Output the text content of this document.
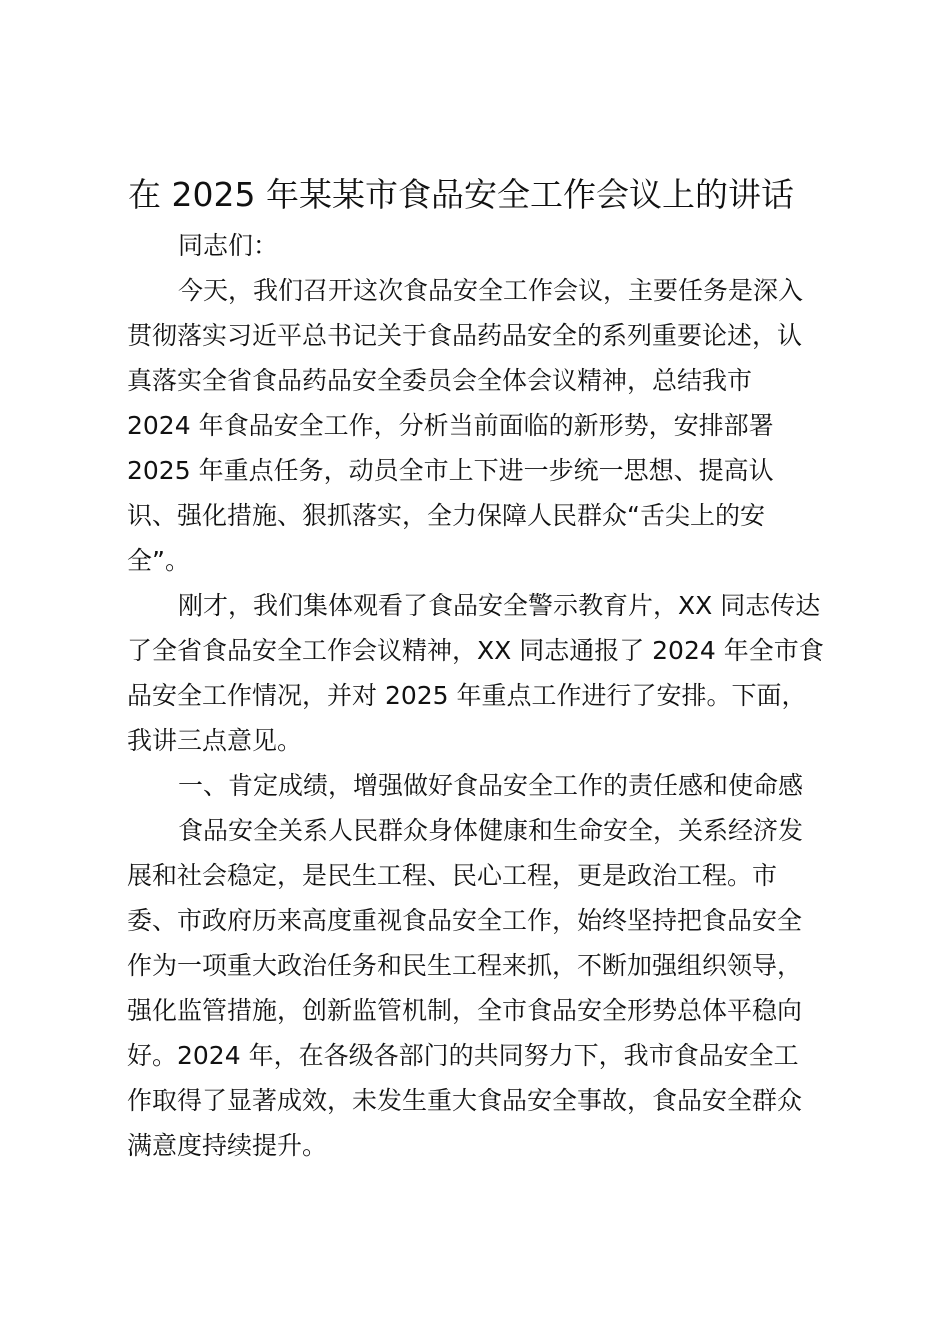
在 2025 年某某市食品安全工作会议上的讲话
同志们：
今天，我们召开这次食品安全工作会议，主要任务是深入
贯彻落实习近平总书记关于食品药品安全的系列重要论述，认
真落实全省食品药品安全委员会全体会议精神，总结我市
2024 年食品安全工作，分析当前面临的新形势，安排部署
2025 年重点任务，动员全市上下进一步统一思想、提高认
识、强化措施、狠抓落实，全力保障人民群众“舌尖上的安
全”。
刚才，我们集体观看了食品安全警示教育片，XX 同志传达
了全省食品安全工作会议精神，XX 同志通报了 2024 年全市食
品安全工作情况，并对 2025 年重点工作进行了安排。下面，
我讲三点意见。
一、肯定成绩，增强做好食品安全工作的责任感和使命感
食品安全关系人民群众身体健康和生命安全，关系经济发
展和社会稳定，是民生工程、民心工程，更是政治工程。市
委、市政府历来高度重视食品安全工作，始终坚持把食品安全
作为一项重大政治任务和民生工程来抓，不断加强组织领导，
强化监管措施，创新监管机制，全市食品安全形势总体平稳向
好。2024 年，在各级各部门的共同努力下，我市食品安全工
作取得了显著成效，未发生重大食品安全事故，食品安全群众
满意度持续提升。
